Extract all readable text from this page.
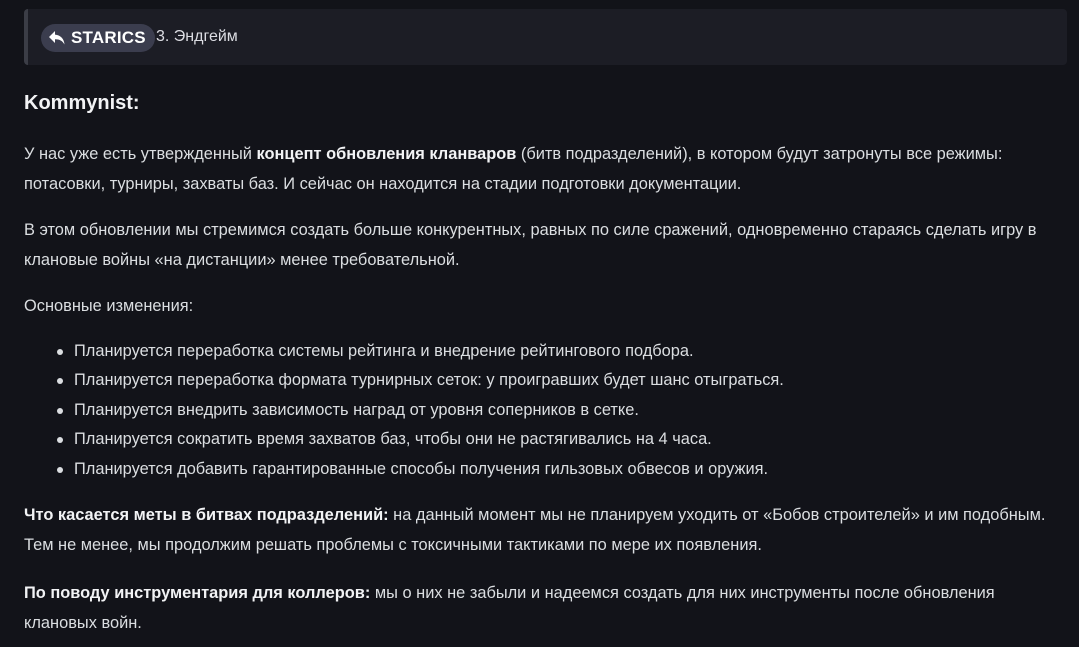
STARICS 3. Эндгейм
Kommynist:

У нас уже есть утвержденный концепт обновления кланваров (битв подразделений), в котором будут затронуты все режимы: потасовки, турниры, захваты баз. И сейчас он находится на стадии подготовки документации.

В этом обновлении мы стремимся создать больше конкурентных, равных по силе сражений, одновременно стараясь сделать игру в клановые войны «на дистанции» менее требовательной.

Основные изменения:

Планируется переработка системы рейтинга и внедрение рейтингового подбора.
Планируется переработка формата турнирных сеток: у проигравших будет шанс отыграться.
Планируется внедрить зависимость наград от уровня соперников в сетке.
Планируется сократить время захватов баз, чтобы они не растягивались на 4 часа.
Планируется добавить гарантированные способы получения гильзовых обвесов и оружия.

Что касается меты в битвах подразделений: на данный момент мы не планируем уходить от «Бобов строителей» и им подобным. Тем не менее, мы продолжим решать проблемы с токсичными тактиками по мере их появления.

По поводу инструментария для коллеров: мы о них не забыли и надеемся создать для них инструменты после обновления клановых войн.
